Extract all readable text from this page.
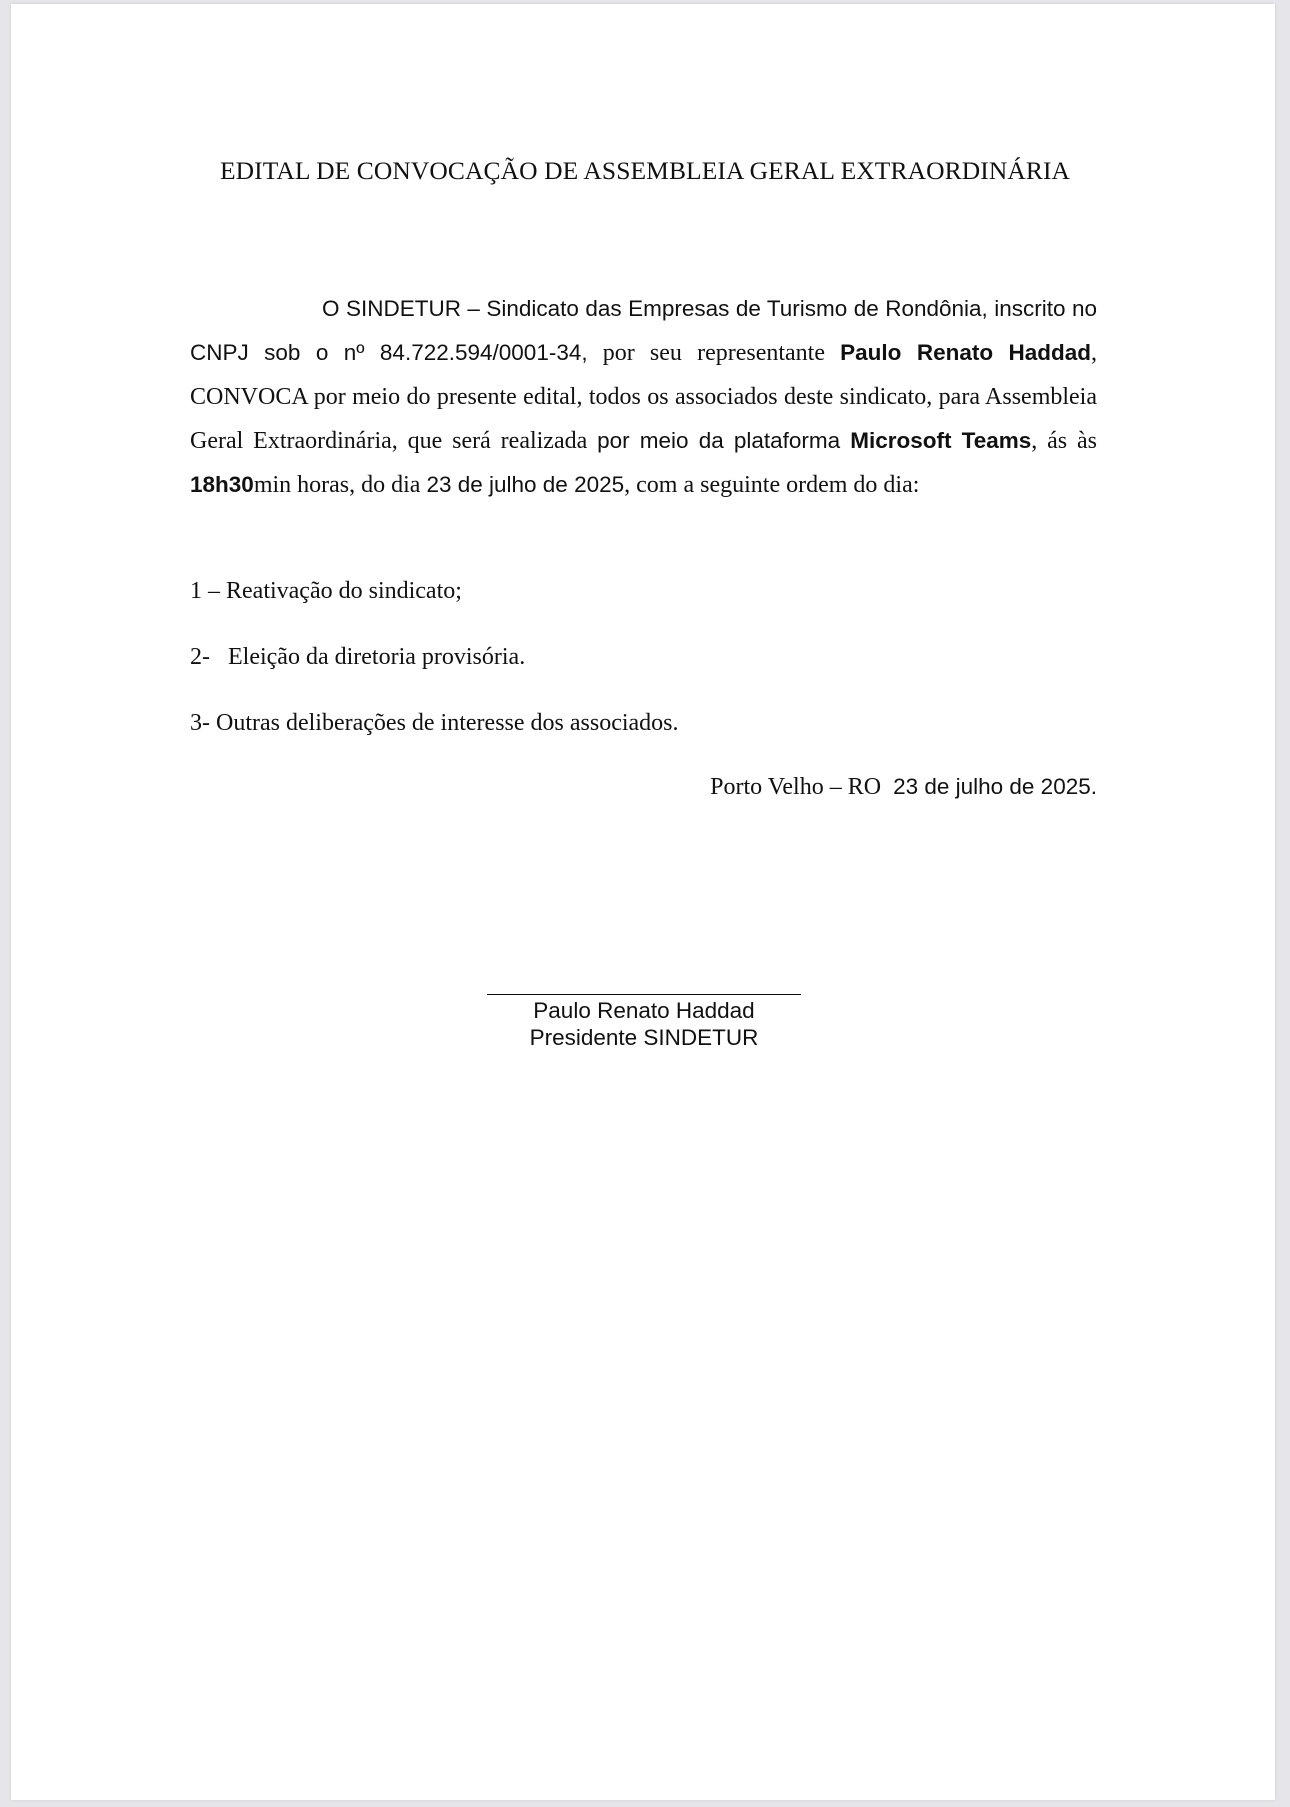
EDITAL DE CONVOCAÇÃO DE ASSEMBLEIA GERAL EXTRAORDINÁRIA

O SINDETUR – Sindicato das Empresas de Turismo de Rondônia, inscrito no CNPJ sob o nº 84.722.594/0001-34, por seu representante Paulo Renato Haddad, CONVOCA por meio do presente edital, todos os associados deste sindicato, para Assembleia Geral Extraordinária, que será realizada por meio da plataforma Microsoft Teams, ás às 18h30min horas, do dia 23 de julho de 2025, com a seguinte ordem do dia:

1 – Reativação do sindicato;

2-   Eleição da diretoria provisória.

3- Outras deliberações de interesse dos associados.

Porto Velho – RO  23 de julho de 2025.

Paulo Renato Haddad
Presidente SINDETUR
